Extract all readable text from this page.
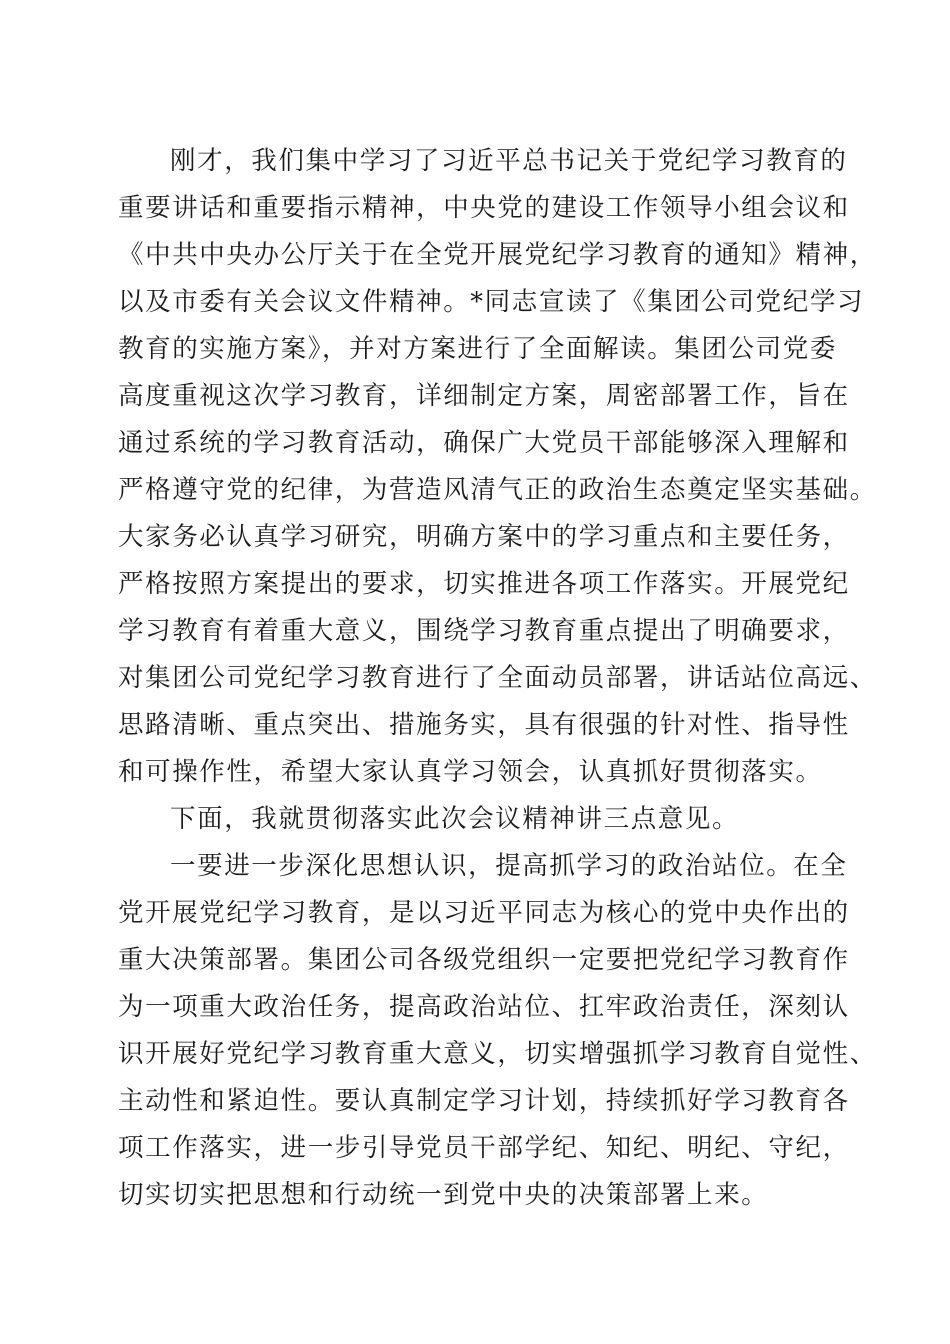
刚才，我们集中学习了习近平总书记关于党纪学习教育的
重要讲话和重要指示精神，中央党的建设工作领导小组会议和
《中共中央办公厅关于在全党开展党纪学习教育的通知》精神，
以及市委有关会议文件精神。*同志宣读了《集团公司党纪学习
教育的实施方案》，并对方案进行了全面解读。集团公司党委
高度重视这次学习教育，详细制定方案，周密部署工作，旨在
通过系统的学习教育活动，确保广大党员干部能够深入理解和
严格遵守党的纪律，为营造风清气正的政治生态奠定坚实基础。
大家务必认真学习研究，明确方案中的学习重点和主要任务，
严格按照方案提出的要求，切实推进各项工作落实。开展党纪
学习教育有着重大意义，围绕学习教育重点提出了明确要求，
对集团公司党纪学习教育进行了全面动员部署，讲话站位高远、
思路清晰、重点突出、措施务实，具有很强的针对性、指导性
和可操作性，希望大家认真学习领会，认真抓好贯彻落实。
下面，我就贯彻落实此次会议精神讲三点意见。
一要进一步深化思想认识，提高抓学习的政治站位。在全
党开展党纪学习教育，是以习近平同志为核心的党中央作出的
重大决策部署。集团公司各级党组织一定要把党纪学习教育作
为一项重大政治任务，提高政治站位、扛牢政治责任，深刻认
识开展好党纪学习教育重大意义，切实增强抓学习教育自觉性、
主动性和紧迫性。要认真制定学习计划，持续抓好学习教育各
项工作落实，进一步引导党员干部学纪、知纪、明纪、守纪，
切实切实把思想和行动统一到党中央的决策部署上来。
